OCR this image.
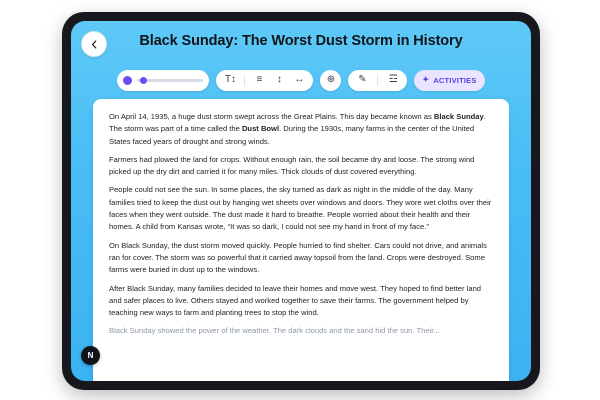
Black Sunday: The Worst Dust Storm in History
T↕	≡	↕	↔ ⊕ ✎ ☲	✦ ACTIVITIES

On April 14, 1935, a huge dust storm swept across the Great Plains. This day became known as Black Sunday. The storm was part of a time called the Dust Bowl. During the 1930s, many farms in the center of the United States faced years of drought and strong winds.

Farmers had plowed the land for crops. Without enough rain, the soil became dry and loose. The strong wind picked up the dry dirt and carried it for many miles. Thick clouds of dust covered everything.

People could not see the sun. In some places, the sky turned as dark as night in the middle of the day. Many families tried to keep the dust out by hanging wet sheets over windows and doors. They wore wet cloths over their faces when they went outside. The dust made it hard to breathe. People worried about their health and their homes. A child from Kansas wrote, “It was so dark, I could not see my hand in front of my face.”

On Black Sunday, the dust storm moved quickly. People hurried to find shelter. Cars could not drive, and animals ran for cover. The storm was so powerful that it carried away topsoil from the land. Crops were destroyed. Some farms were buried in dust up to the windows.

After Black Sunday, many families decided to leave their homes and move west. They hoped to find better land and safer places to live. Others stayed and worked together to save their farms. The government helped by teaching new ways to farm and planting trees to stop the wind.

Black Sunday showed the power of the weather. The dark clouds and the sand hid the sun. Their...

N
